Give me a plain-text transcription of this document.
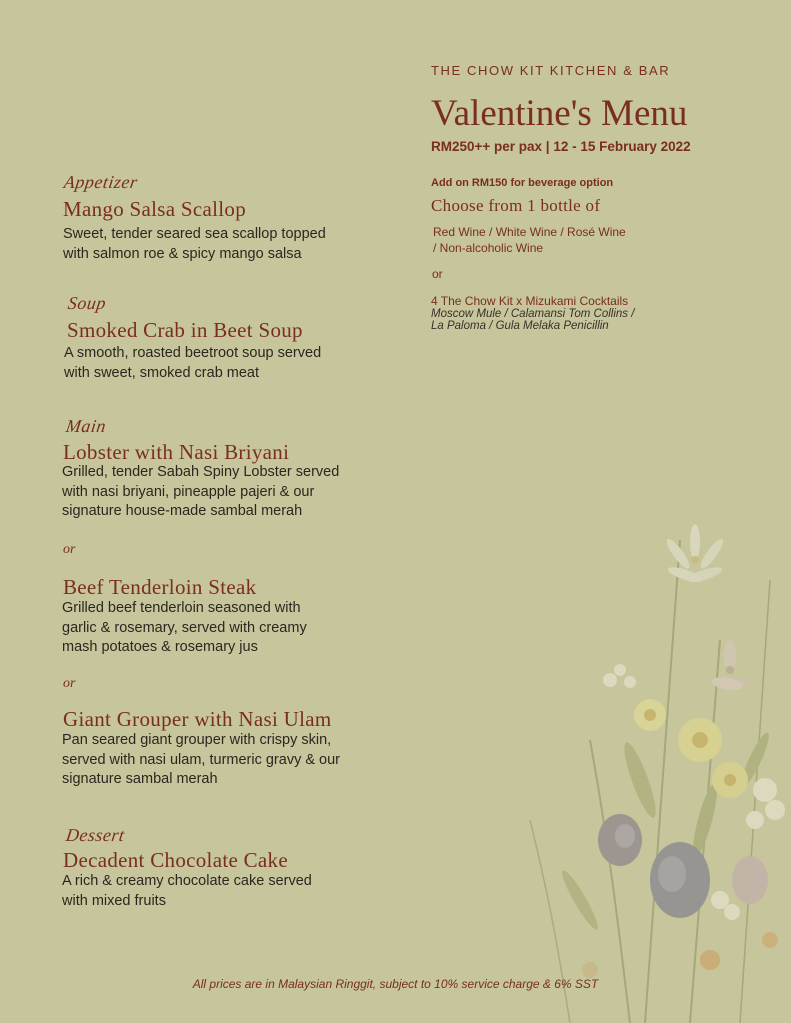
THE CHOW KIT KITCHEN & BAR
Valentine's Menu
RM250++ per pax | 12 - 15 February 2022
Add on RM150 for beverage option
Choose from 1 bottle of
Red Wine / White Wine / Rosé Wine
/ Non-alcoholic Wine
or
4 The Chow Kit x Mizukami Cocktails
Moscow Mule / Calamansi Tom Collins /
La Paloma / Gula Melaka Penicillin
Appetizer
Mango Salsa Scallop
Sweet, tender seared sea scallop topped
with salmon roe & spicy mango salsa
Soup
Smoked Crab in Beet Soup
A smooth, roasted beetroot soup served
with sweet, smoked crab meat
Main
Lobster with Nasi Briyani
Grilled, tender Sabah Spiny Lobster served
with nasi briyani, pineapple pajeri & our
signature house-made sambal merah
or
Beef Tenderloin Steak
Grilled beef tenderloin seasoned with
garlic & rosemary, served with creamy
mash potatoes & rosemary jus
or
Giant Grouper with Nasi Ulam
Pan seared giant grouper with crispy skin,
served with nasi ulam, turmeric gravy & our
signature sambal merah
Dessert
Decadent Chocolate Cake
A rich & creamy chocolate cake served
with mixed fruits
All prices are in Malaysian Ringgit, subject to 10% service charge & 6% SST
